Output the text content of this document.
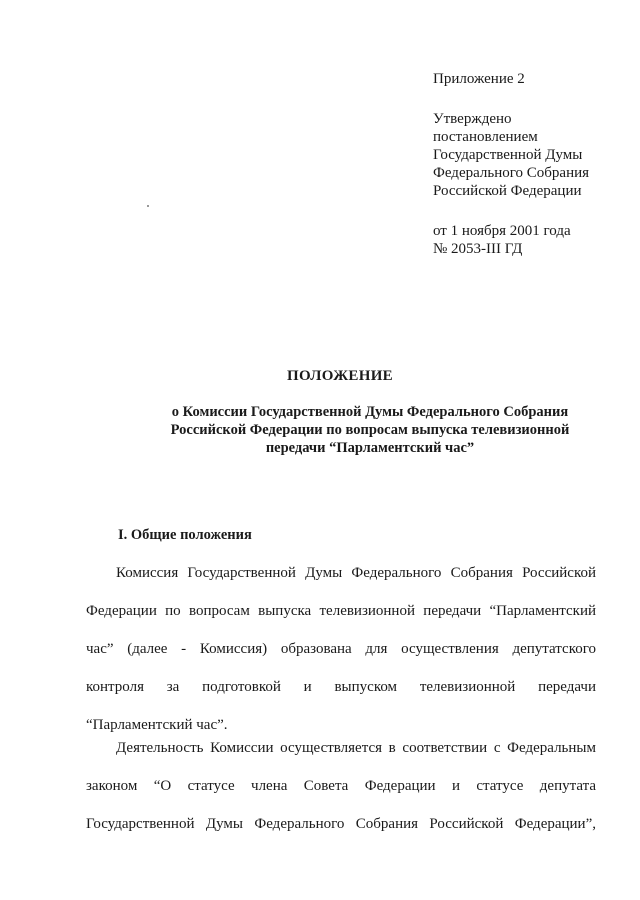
Приложение 2
Утверждено
постановлением
Государственной Думы
Федерального Собрания
Российской Федерации
от 1 ноября 2001 года
№ 2053-III ГД
ПОЛОЖЕНИЕ
о Комиссии Государственной Думы Федерального Собрания
Российской Федерации по вопросам выпуска телевизионной
передачи “Парламентский час”
I. Общие положения
Комиссия Государственной Думы Федерального Собрания Российской
Федерации по вопросам выпуска телевизионной передачи “Парламентский
час” (далее - Комиссия) образована для осуществления депутатского
контроля за подготовкой и выпуском телевизионной передачи
“Парламентский час”.
Деятельность Комиссии осуществляется в соответствии с Федеральным
законом “О статусе члена Совета Федерации и статусе депутата
Государственной Думы Федерального Собрания Российской Федерации”,
